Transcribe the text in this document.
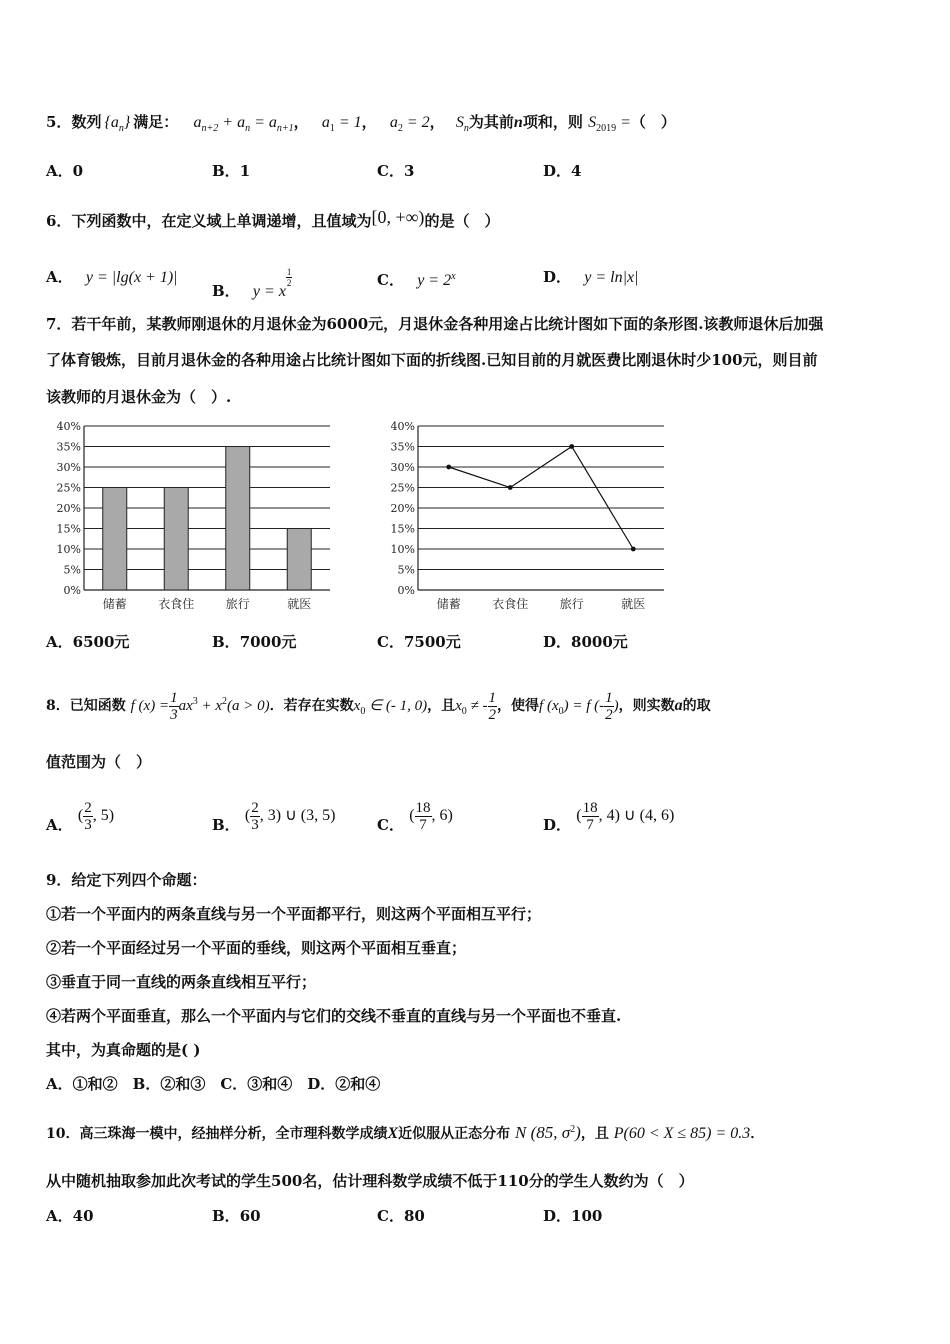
5．数列 $\{a_n\}$ 满足： $a_{n+2} + a_n = a_{n+1}$， $a_1 = 1$， $a_2 = 2$， $S_n$为其前n项和，则 $S_{2019}$ =（　）
A．0	B．1	C．3	D．4
6．下列函数中，在定义域上单调递增，且值域为[0, +∞)的是（　）
A． y = |lg(x + 1)|
B． y = x
$\frac{1}{2}$	C． $y = 2^x$	D． y = ln|x|
7．若干年前，某教师刚退休的月退休金为6000元，月退休金各种用途占比统计图如下面的条形图.该教师退休后加强
了体育锻炼，目前月退休金的各种用途占比统计图如下面的折线图.已知目前的月就医费比刚退休时少100元，则目前
该教师的月退休金为（　）.
0%
5%
10%
15%
20%
25%
30%
35%
40%
储蓄	衣食住	旅行	就医
0%
5%
10%
15%
20%
25%
30%
35%
40%
储蓄	衣食住	旅行	就医
A．6500元	B．7000元	C．7500元	D．8000元
8．已知函数 f $(x) = \frac{1}{3} ax^3 + x^2(a > 0)$．若存在实数$x_0$ ∈ (- 1, 0)，且$x_0$ ≠ - $\frac{1}{2}$ ，使得f $(x_0) = f$ (- $\frac{1}{2}$ )，则实数a的取
值范围为（　）
A． ( $\frac{2}{3}$ , 5)
B． ( $\frac{2}{3}$ , 3) ∪ (3, 5)
C． ( $\frac{18}{7}$ , 6)
D． ( $\frac{18}{7}$ , 4) ∪ (4, 6)
9．给定下列四个命题：
①若一个平面内的两条直线与另一个平面都平行，则这两个平面相互平行；
②若一个平面经过另一个平面的垂线，则这两个平面相互垂直；
③垂直于同一直线的两条直线相互平行；
④若两个平面垂直，那么一个平面内与它们的交线不垂直的直线与另一个平面也不垂直.
其中，为真命题的是( )
A．①和②　B．②和③　C．③和④　D．②和④
10．高三珠海一模中，经抽样分析，全市理科数学成绩X近似服从正态分布 N (85, $\sigma^2$)，且 P(60 < X ≤ 85) = 0.3．
从中随机抽取参加此次考试的学生500名，估计理科数学成绩不低于110分的学生人数约为（　）
A．40	B．60	C．80	D．100
